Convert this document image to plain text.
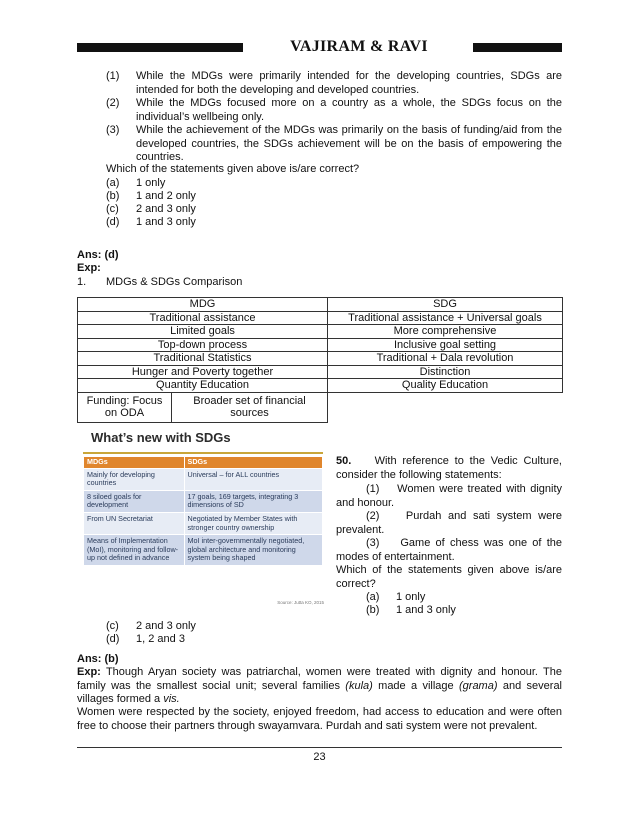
VAJIRAM & RAVI
(1) While the MDGs were primarily intended for the developing countries, SDGs are intended for both the developing and developed countries.
(2) While the MDGs focused more on a country as a whole, the SDGs focus on the individual’s wellbeing only.
(3) While the achievement of the MDGs was primarily on the basis of funding/aid from the developed countries, the SDGs achievement will be on the basis of empowering the countries.
Which of the statements given above is/are correct?
(a) 1 only
(b) 1 and 2 only
(c) 2 and 3 only
(d) 1 and 3 only
Ans: (d)
Exp:
1. MDGs & SDGs Comparison
MDG		SDG
Traditional assistance		Traditional assistance + Universal goals
Limited goals		More comprehensive
Top-down process		Inclusive goal setting
Traditional Statistics		Traditional + Dala revolution
Hunger and Poverty together		Distinction
Quantity Education		Quality Education
Funding: Focus on ODA	Broader set of financial sources	
What’s new with SDGs
MDGs	SDGs
Mainly for developing countries	Universal – for ALL countries
8 siloed goals for development	17 goals, 169 targets, integrating 3 dimensions of SD
From UN Secretariat	Negotiated by Member States with stronger country ownership
Means of Implementation (MoI), monitoring and follow-up not defined in advance	MoI inter-governmentally negotiated, global architecture and monitoring system being shaped
Source: Jutta KO, 2015
50. With reference to the Vedic Culture, consider the following statements:
(1) Women were treated with dignity and honour.
(2) Purdah and sati system were prevalent.
(3) Game of chess was one of the modes of entertainment.
Which of the statements given above is/are correct?
(a) 1 only
(b) 1 and 3 only
(c) 2 and 3 only
(d) 1, 2 and 3
Ans: (b)
Exp: Though Aryan society was patriarchal, women were treated with dignity and honour. The family was the smallest social unit; several families (kula) made a village (grama) and several villages formed a vis.
Women were respected by the society, enjoyed freedom, had access to education and were often free to choose their partners through swayamvara. Purdah and sati system were not prevalent.
23
